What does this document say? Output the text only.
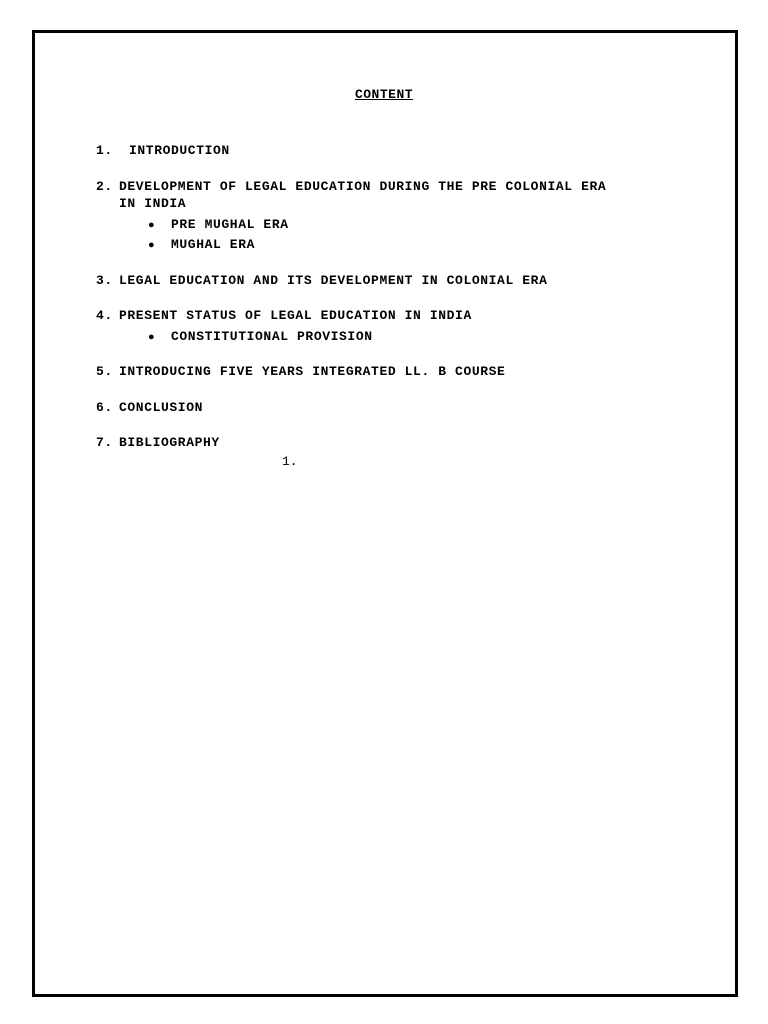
CONTENT
1. INTRODUCTION
2. DEVELOPMENT OF LEGAL EDUCATION DURING THE PRE COLONIAL ERA
IN INDIA
● PRE MUGHAL ERA
● MUGHAL ERA
3. LEGAL EDUCATION AND ITS DEVELOPMENT IN COLONIAL ERA
4. PRESENT STATUS OF LEGAL EDUCATION IN INDIA
● CONSTITUTIONAL PROVISION
5. INTRODUCING FIVE YEARS INTEGRATED LL. B COURSE
6. CONCLUSION
7. BIBLIOGRAPHY
1.
